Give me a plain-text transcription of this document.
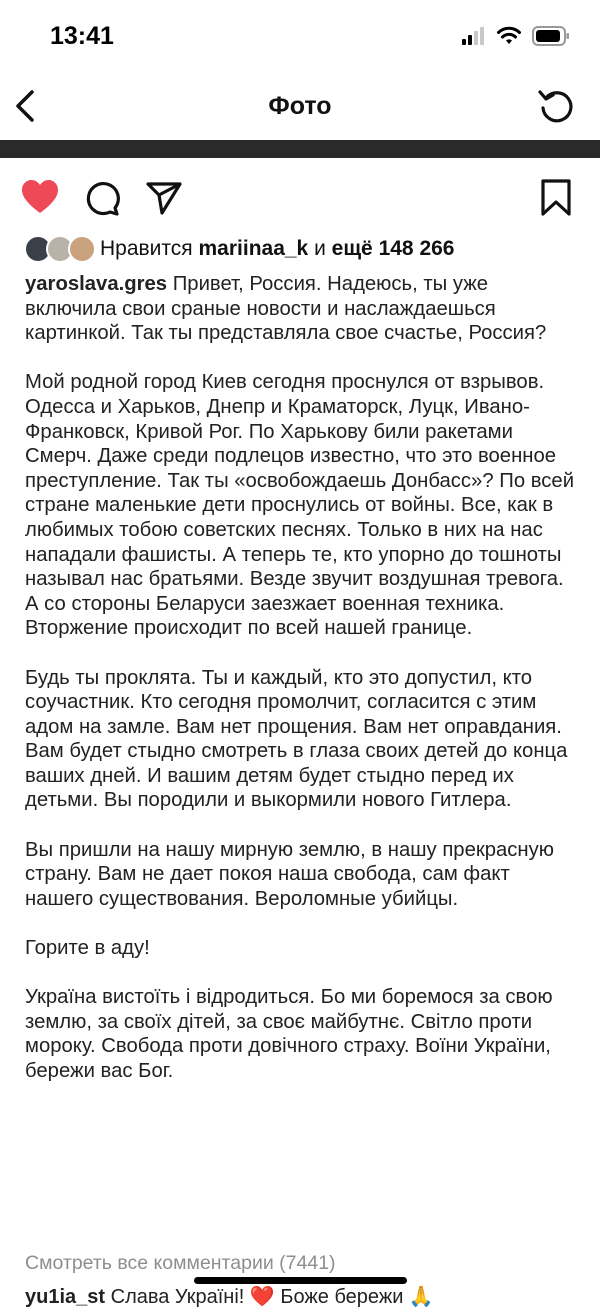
13:41
Фото
Нравится mariinaa_k и ещё 148 266

yaroslava.gres Привет, Россия. Надеюсь, ты уже включила свои сраные новости и наслаждаешься картинкой. Так ты представляла свое счастье, Россия?

Мой родной город Киев сегодня проснулся от взрывов. Одесса и Харьков, Днепр и Краматорск, Луцк, Ивано-Франковск, Кривой Рог. По Харькову били ракетами Смерч. Даже среди подлецов известно, что это военное преступление. Так ты «освобождаешь Донбасс»? По всей стране маленькие дети проснулись от войны. Все, как в любимых тобою советских песнях. Только в них на нас нападали фашисты. А теперь те, кто упорно до тошноты называл нас братьями. Везде звучит воздушная тревога. А со стороны Беларуси заезжает военная техника. Вторжение происходит по всей нашей границе.

Будь ты проклята. Ты и каждый, кто это допустил, кто соучастник. Кто сегодня промолчит, согласится с этим адом на замле. Вам нет прощения. Вам нет оправдания. Вам будет стыдно смотреть в глаза своих детей до конца ваших дней. И вашим детям будет стыдно перед их детьми. Вы породили и выкормили нового Гитлера.

Вы пришли на нашу мирную землю, в нашу прекрасную страну. Вам не дает покоя наша свобода, сам факт нашего существования. Вероломные убийцы.

Горите в аду!

Україна вистоїть і відродиться. Бо ми боремося за свою землю, за своїх дітей, за своє майбутнє. Світло проти мороку. Свобода проти довічного страху. Воїни України, бережи вас Бог.

Смотреть все комментарии (7441)
yu1ia_st Слава Україні! ❤️ Боже бережи 🙏
